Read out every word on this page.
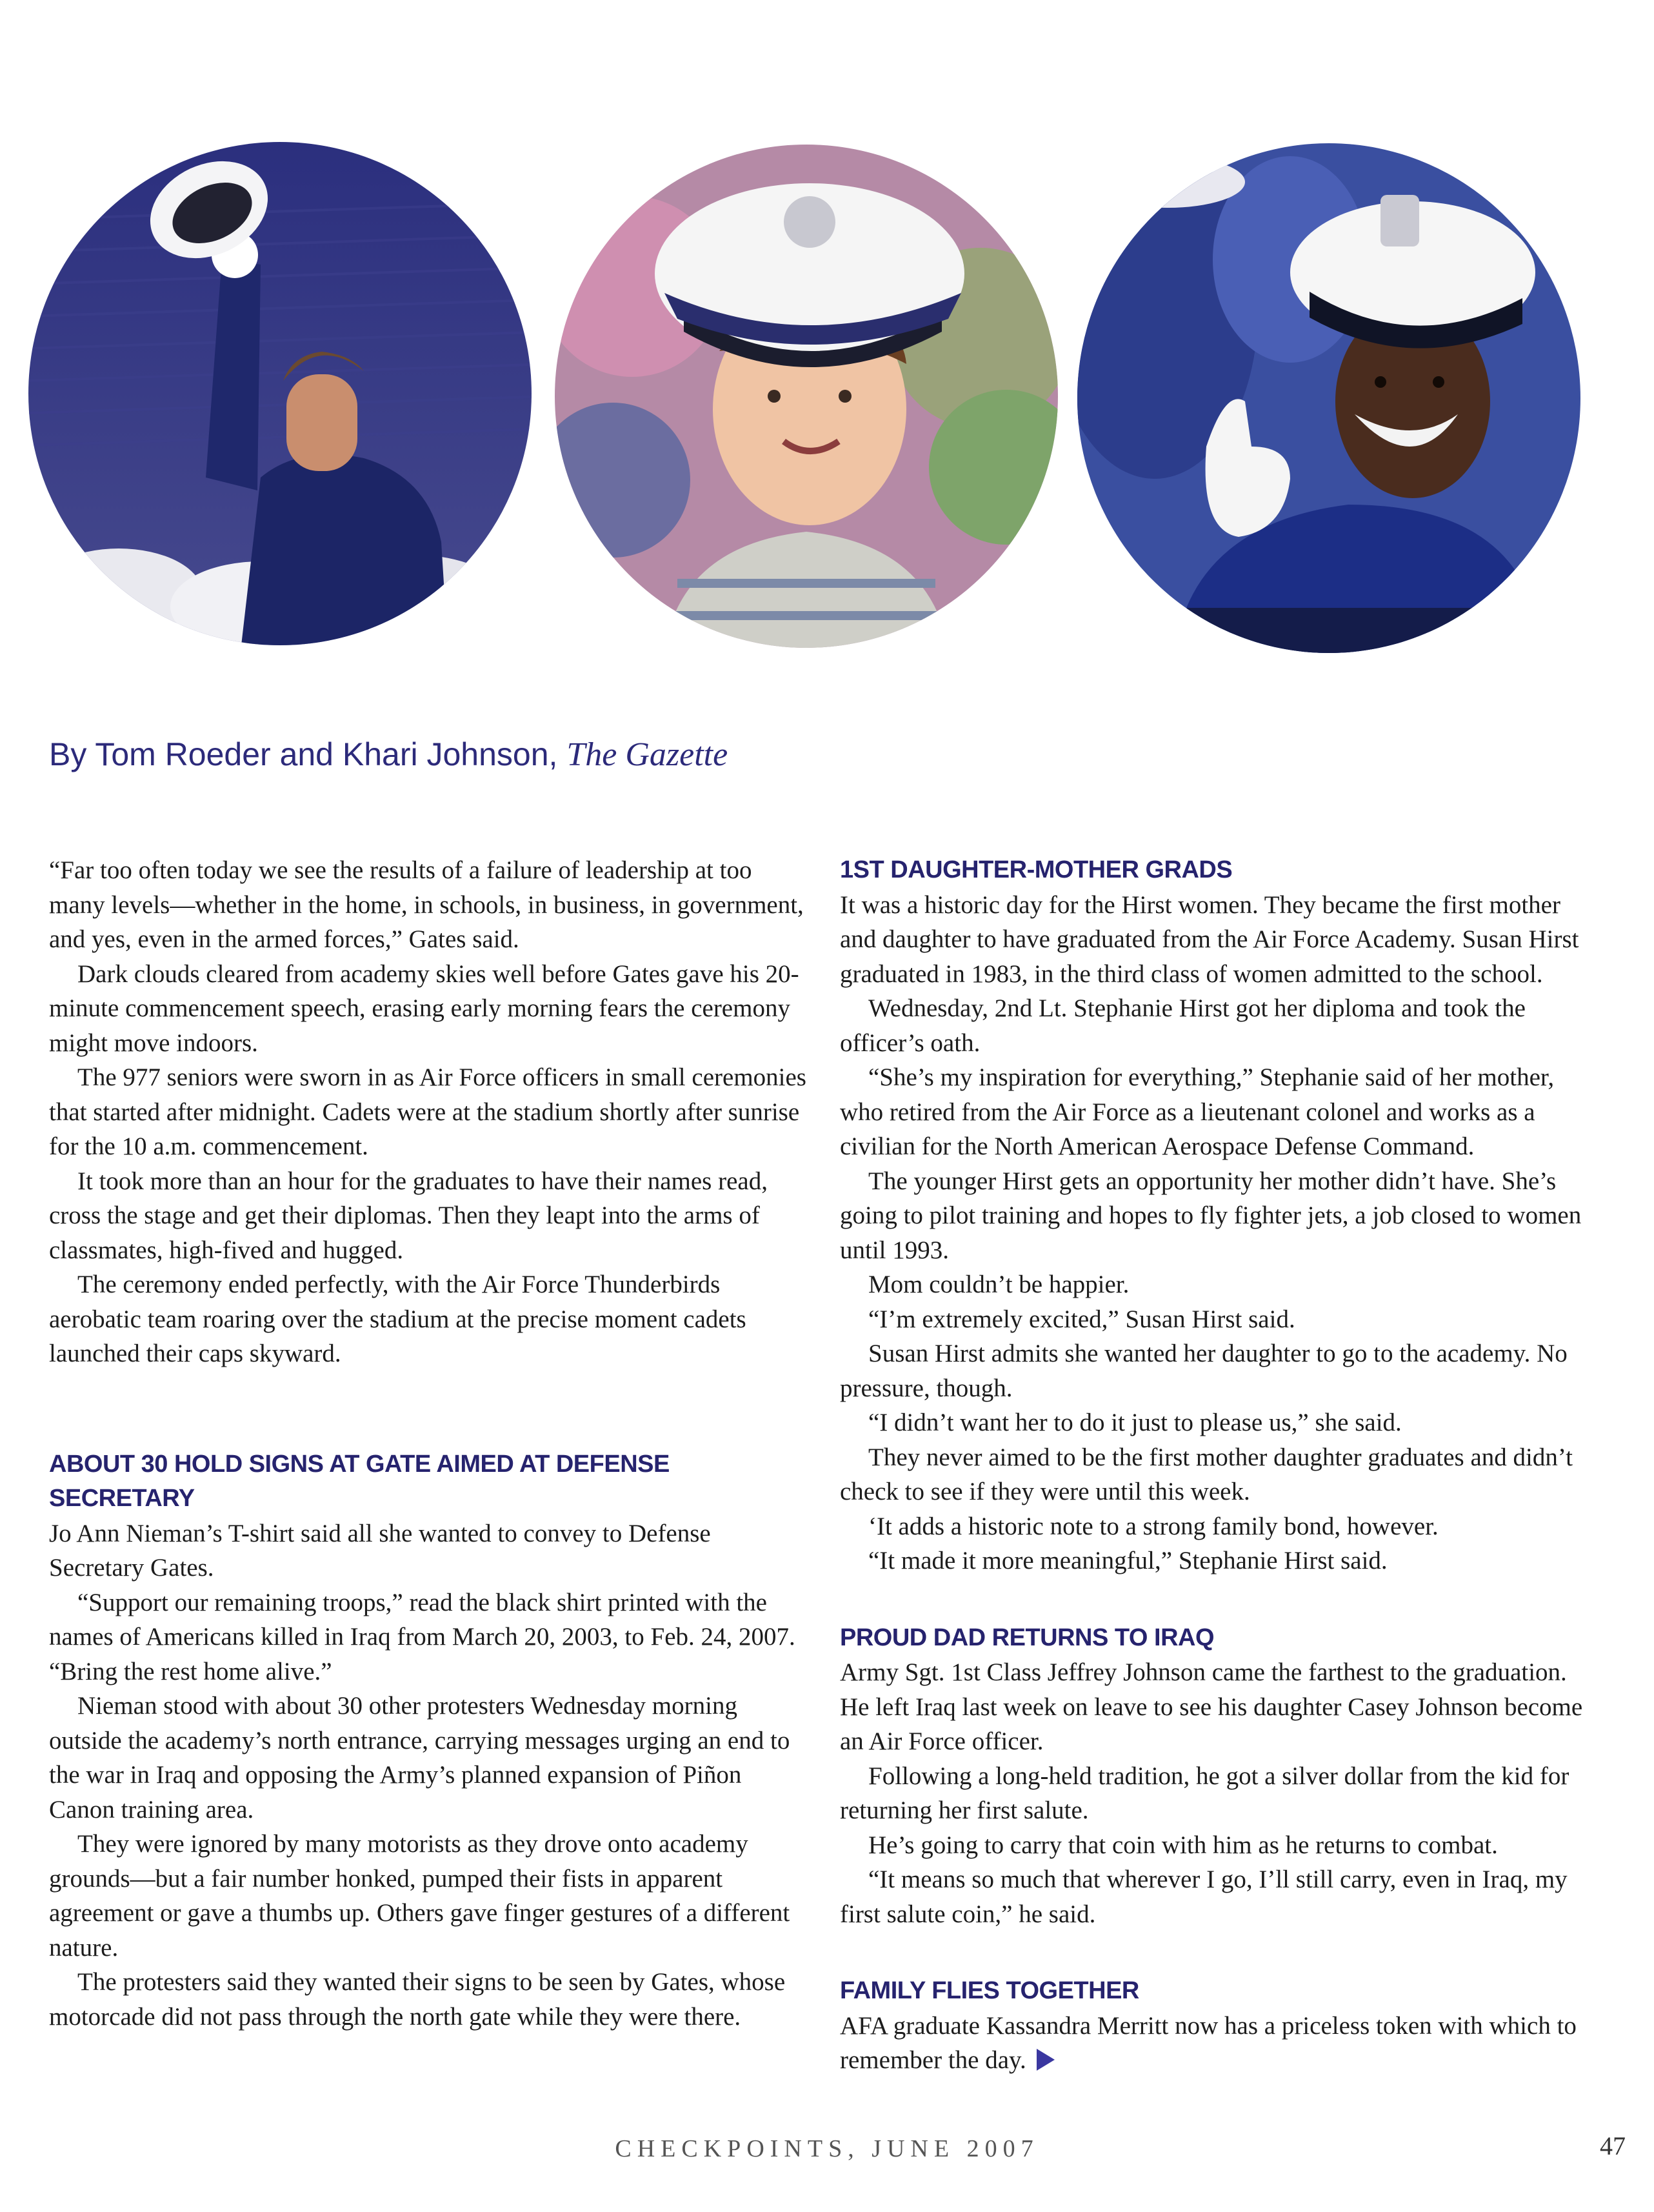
By Tom Roeder and Khari Johnson, The Gazette

“Far too often today we see the results of a failure of leadership at too many levels—whether in the home, in schools, in business, in government, and yes, even in the armed forces,” Gates said.

Dark clouds cleared from academy skies well before Gates gave his 20-minute commencement speech, erasing early morning fears the ceremony might move indoors.

The 977 seniors were sworn in as Air Force officers in small ceremonies that started after midnight. Cadets were at the stadium shortly after sunrise for the 10 a.m. commencement.

It took more than an hour for the graduates to have their names read, cross the stage and get their diplomas. Then they leapt into the arms of classmates, high-fived and hugged.

The ceremony ended perfectly, with the Air Force Thunderbirds aerobatic team roaring over the stadium at the precise moment cadets launched their caps skyward.

ABOUT 30 HOLD SIGNS AT GATE AIMED AT DEFENSE SECRETARY

Jo Ann Nieman’s T-shirt said all she wanted to convey to Defense Secretary Gates.

“Support our remaining troops,” read the black shirt printed with the names of Americans killed in Iraq from March 20, 2003, to Feb. 24, 2007. “Bring the rest home alive.”

Nieman stood with about 30 other protesters Wednesday morning outside the academy’s north entrance, carrying messages urging an end to the war in Iraq and opposing the Army’s planned expansion of Piñon Canon training area.

They were ignored by many motorists as they drove onto academy grounds—but a fair number honked, pumped their fists in apparent agreement or gave a thumbs up. Others gave finger gestures of a different nature.

The protesters said they wanted their signs to be seen by Gates, whose motorcade did not pass through the north gate while they were there.

1ST DAUGHTER-MOTHER GRADS

It was a historic day for the Hirst women. They became the first mother and daughter to have graduated from the Air Force Academy. Susan Hirst graduated in 1983, in the third class of women admitted to the school.

Wednesday, 2nd Lt. Stephanie Hirst got her diploma and took the officer’s oath.

“She’s my inspiration for everything,” Stephanie said of her mother, who retired from the Air Force as a lieutenant colonel and works as a civilian for the North American Aerospace Defense Command.

The younger Hirst gets an opportunity her mother didn’t have. She’s going to pilot training and hopes to fly fighter jets, a job closed to women until 1993.

Mom couldn’t be happier.

“I’m extremely excited,” Susan Hirst said.

Susan Hirst admits she wanted her daughter to go to the academy. No pressure, though.

“I didn’t want her to do it just to please us,” she said.

They never aimed to be the first mother daughter graduates and didn’t check to see if they were until this week.

‘It adds a historic note to a strong family bond, however.

“It made it more meaningful,” Stephanie Hirst said.

PROUD DAD RETURNS TO IRAQ

Army Sgt. 1st Class Jeffrey Johnson came the farthest to the graduation. He left Iraq last week on leave to see his daughter Casey Johnson become an Air Force officer.

Following a long-held tradition, he got a silver dollar from the kid for returning her first salute.

He’s going to carry that coin with him as he returns to combat.

“It means so much that wherever I go, I’ll still carry, even in Iraq, my first salute coin,” he said.

FAMILY FLIES TOGETHER

AFA graduate Kassandra Merritt now has a priceless token with which to remember the day.

CHECKPOINTS, JUNE 2007	47
